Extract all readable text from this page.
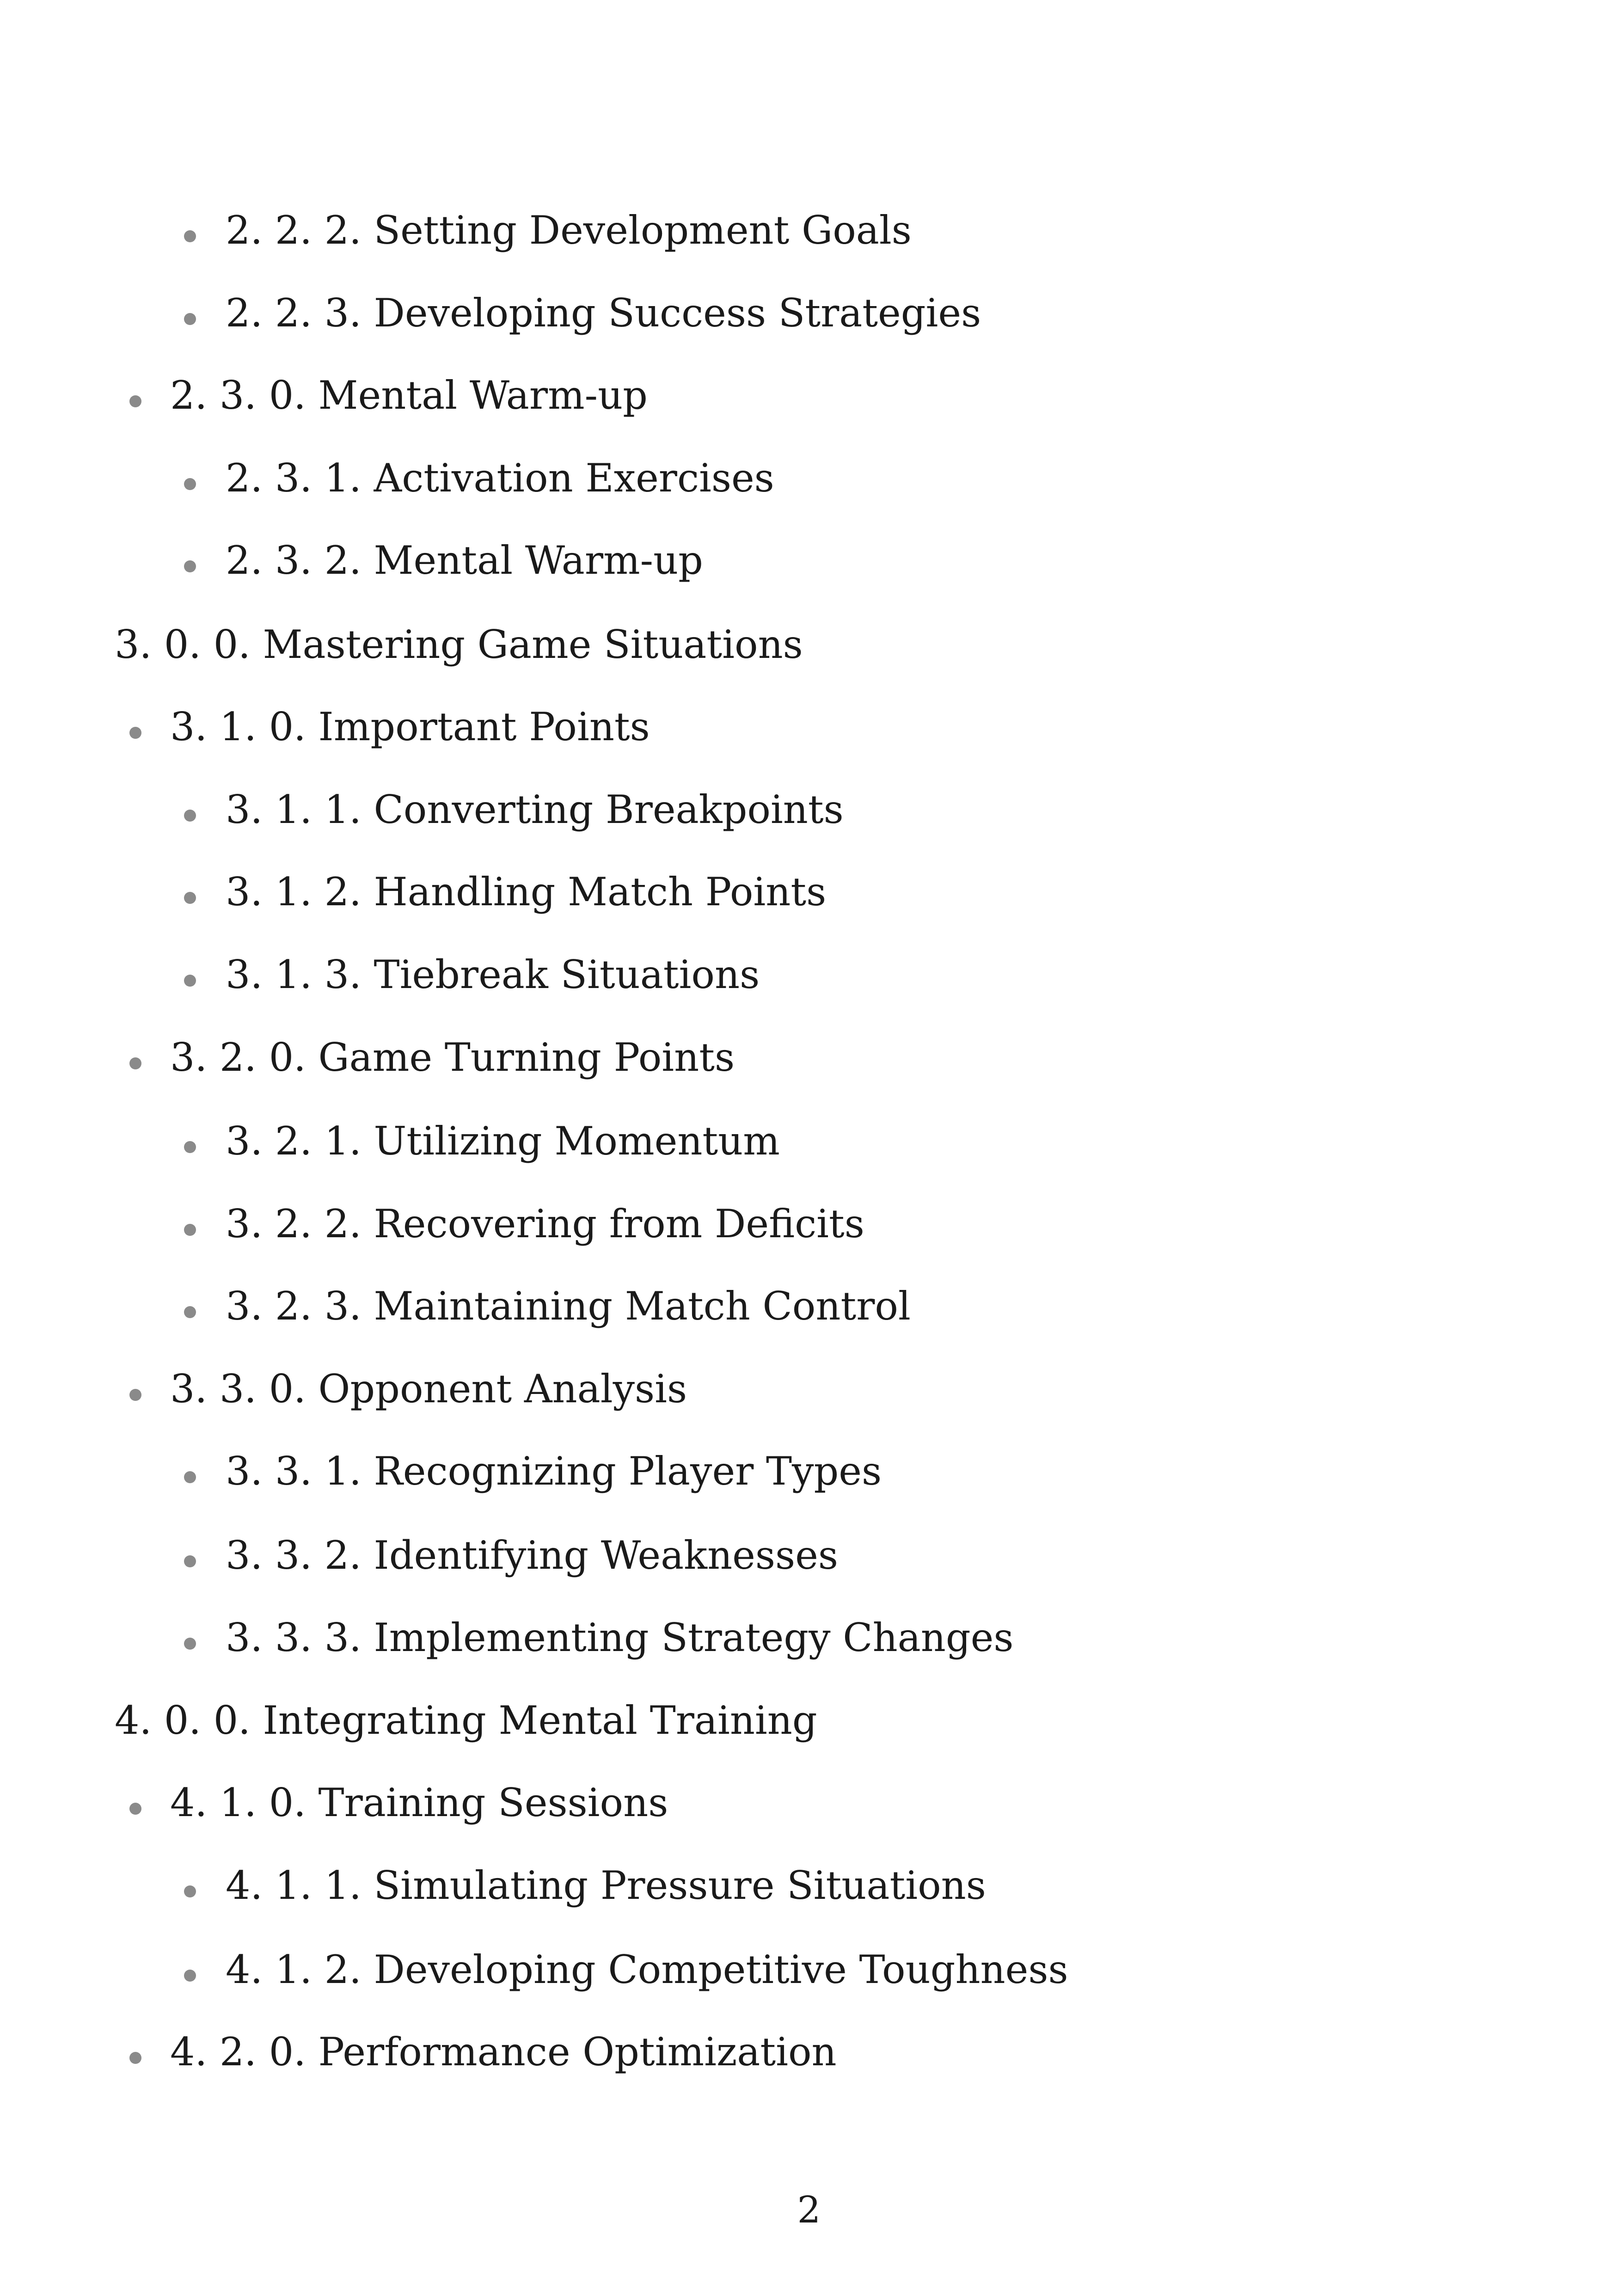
2. 2. 2. Setting Development Goals
2. 2. 3. Developing Success Strategies
2. 3. 0. Mental Warm-up
2. 3. 1. Activation Exercises
2. 3. 2. Mental Warm-up
3. 0. 0. Mastering Game Situations
3. 1. 0. Important Points
3. 1. 1. Converting Breakpoints
3. 1. 2. Handling Match Points
3. 1. 3. Tiebreak Situations
3. 2. 0. Game Turning Points
3. 2. 1. Utilizing Momentum
3. 2. 2. Recovering from Deficits
3. 2. 3. Maintaining Match Control
3. 3. 0. Opponent Analysis
3. 3. 1. Recognizing Player Types
3. 3. 2. Identifying Weaknesses
3. 3. 3. Implementing Strategy Changes
4. 0. 0. Integrating Mental Training
4. 1. 0. Training Sessions
4. 1. 1. Simulating Pressure Situations
4. 1. 2. Developing Competitive Toughness
4. 2. 0. Performance Optimization
2
